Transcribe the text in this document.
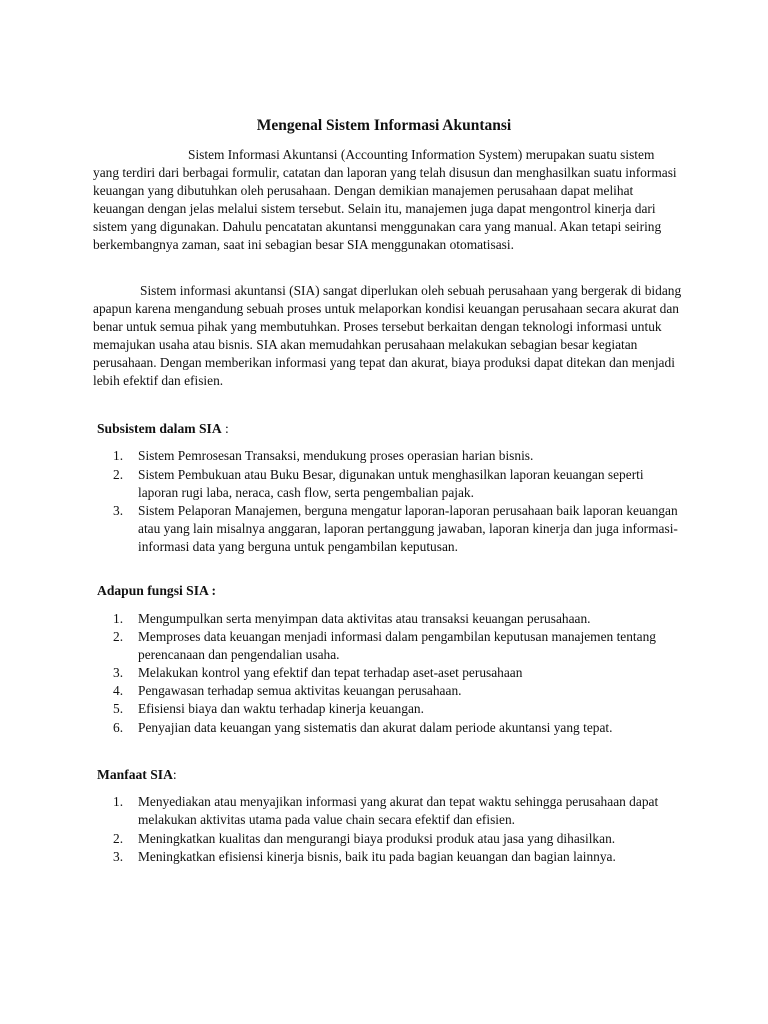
Mengenal Sistem Informasi Akuntansi

Sistem Informasi Akuntansi (Accounting Information System) merupakan suatu sistem yang terdiri dari berbagai formulir, catatan dan laporan yang telah disusun dan menghasilkan suatu informasi keuangan yang dibutuhkan oleh perusahaan. Dengan demikian manajemen perusahaan dapat melihat keuangan dengan jelas melalui sistem tersebut. Selain itu, manajemen juga dapat mengontrol kinerja dari sistem yang digunakan. Dahulu pencatatan akuntansi menggunakan cara yang manual. Akan tetapi seiring berkembangnya zaman, saat ini sebagian besar SIA menggunakan otomatisasi.

Sistem informasi akuntansi (SIA) sangat diperlukan oleh sebuah perusahaan yang bergerak di bidang apapun karena mengandung sebuah proses untuk melaporkan kondisi keuangan perusahaan secara akurat dan benar untuk semua pihak yang membutuhkan. Proses tersebut berkaitan dengan teknologi informasi untuk memajukan usaha atau bisnis. SIA akan memudahkan perusahaan melakukan sebagian besar kegiatan perusahaan. Dengan memberikan informasi yang tepat dan akurat, biaya produksi dapat ditekan dan menjadi lebih efektif dan efisien.

Subsistem dalam SIA :

1.	Sistem Pemrosesan Transaksi, mendukung proses operasian harian bisnis.
2.	Sistem Pembukuan atau Buku Besar, digunakan untuk menghasilkan laporan keuangan seperti laporan rugi laba, neraca, cash flow, serta pengembalian pajak.
3.	Sistem Pelaporan Manajemen, berguna mengatur laporan-laporan perusahaan baik laporan keuangan atau yang lain misalnya anggaran, laporan pertanggung jawaban, laporan kinerja dan juga informasi-informasi data yang berguna untuk pengambilan keputusan.

Adapun fungsi SIA :

1.	Mengumpulkan serta menyimpan data aktivitas atau transaksi keuangan perusahaan.
2.	Memproses data keuangan menjadi informasi dalam pengambilan keputusan manajemen tentang perencanaan dan pengendalian usaha.
3.	Melakukan kontrol yang efektif dan tepat terhadap aset-aset perusahaan
4.	Pengawasan terhadap semua aktivitas keuangan perusahaan.
5.	Efisiensi biaya dan waktu terhadap kinerja keuangan.
6.	Penyajian data keuangan yang sistematis dan akurat dalam periode akuntansi yang tepat.

Manfaat SIA:

1.	Menyediakan atau menyajikan informasi yang akurat dan tepat waktu sehingga perusahaan dapat melakukan aktivitas utama pada value chain secara efektif dan efisien.
2.	Meningkatkan kualitas dan mengurangi biaya produksi produk atau jasa yang dihasilkan.
3.	Meningkatkan efisiensi kinerja bisnis, baik itu pada bagian keuangan dan bagian lainnya.
